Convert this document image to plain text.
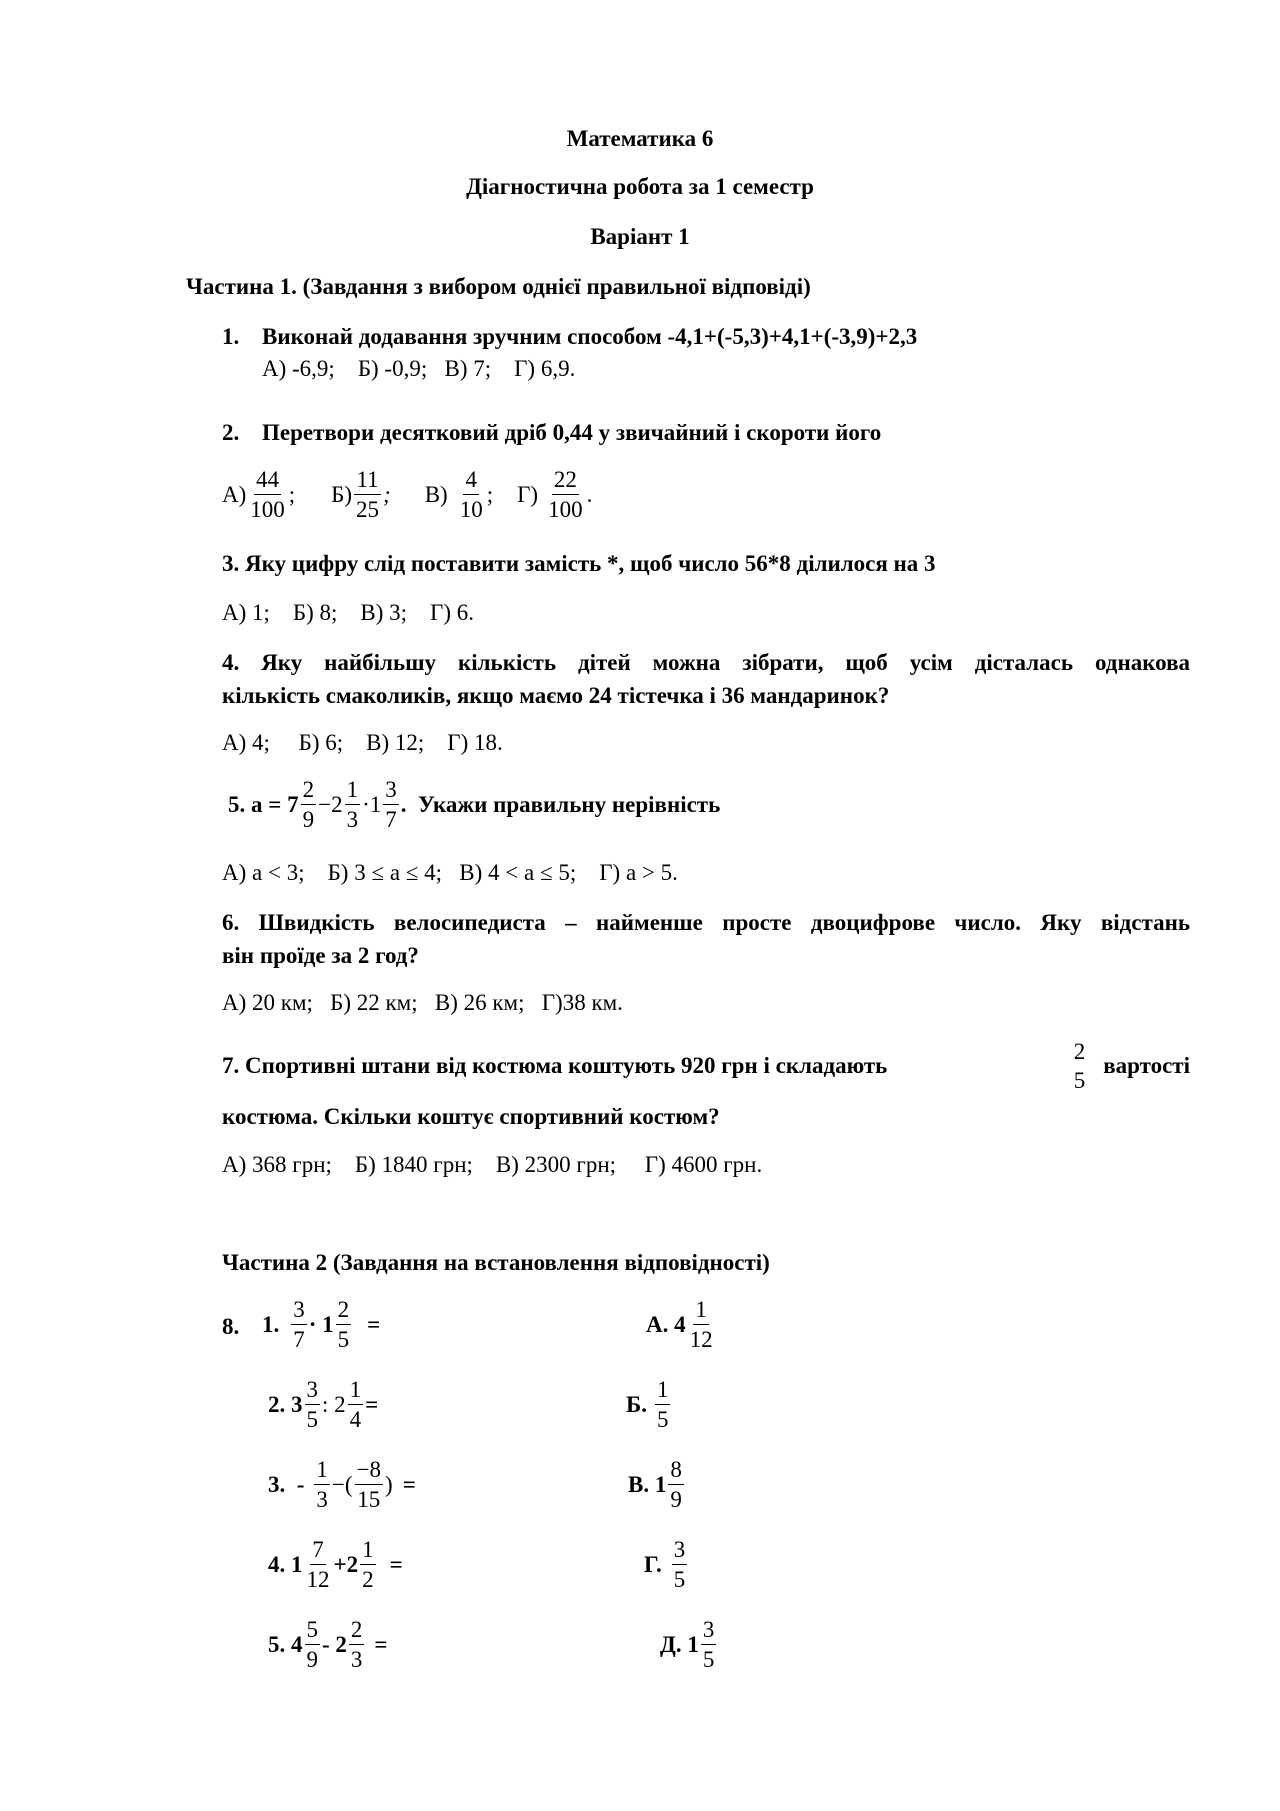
Математика 6
Діагностична робота за 1 семестр
Варіант 1
Частина 1. (Завдання з вибором однієї правильної відповіді)
1. Виконай додавання зручним способом -4,1+(-5,3)+4,1+(-3,9)+2,3
А) -6,9;    Б) -0,9;   В) 7;    Г) 6,9.
2. Перетвори десятковий дріб 0,44 у звичайний і скороти його
$А) \frac{44}{100}$ ; $Б) \frac{11}{25}$ ; $В) \frac{4}{10}$ ; $Г) \frac{22}{100}$ .
3. Яку цифру слід поставити замість *, щоб число 56*8 ділилося на 3
А) 1;    Б) 8;    В) 3;    Г) 6.
4. Яку найбільшу кількість дітей можна зібрати, щоб усім дісталась однакова
кількість смаколиків, якщо маємо 24 тістечка і 36 мандаринок?
А) 4;     Б) 6;    В) 12;    Г) 18.
5. $a = 7 \frac{2}{9} -2 \frac{1}{3} \cdot 1 \frac{3}{7}$ .  Укажи правильну нерівність
А) a < 3;    Б) 3 ≤ a ≤ 4;   В) 4 < a ≤ 5;    Г) a > 5.
6. Швидкість велосипедиста – найменше просте двоцифрове число. Яку відстань
він проїде за 2 год?
А) 20 км;   Б) 22 км;   В) 26 км;   Г)38 км.
7. Спортивні штани від костюма коштують 920 грн і складають
2
5
вартості
костюма. Скільки коштує спортивний костюм?
А) 368 грн;    Б) 1840 грн;    В) 2300 грн;     Г) 4600 грн.
Частина 2 (Завдання на встановлення відповідності)
8. 1. $\frac{3}{7} \cdot 1 \frac{2}{5}$ =
2. $3 \frac{3}{5}$ : $2 \frac{1}{4}$ =
3.  - $\frac{1}{3}$ −( $\frac{-8}{15}$ ) =
4. $1 \frac{7}{12} +2 \frac{1}{2}$ =
5. $4 \frac{5}{9} - 2 \frac{2}{3}$ =
А. $4 \frac{1}{12}$
Б. $\frac{1}{5}$
В. $1 \frac{8}{9}$
Г. $\frac{3}{5}$
Д. $1 \frac{3}{5}$
